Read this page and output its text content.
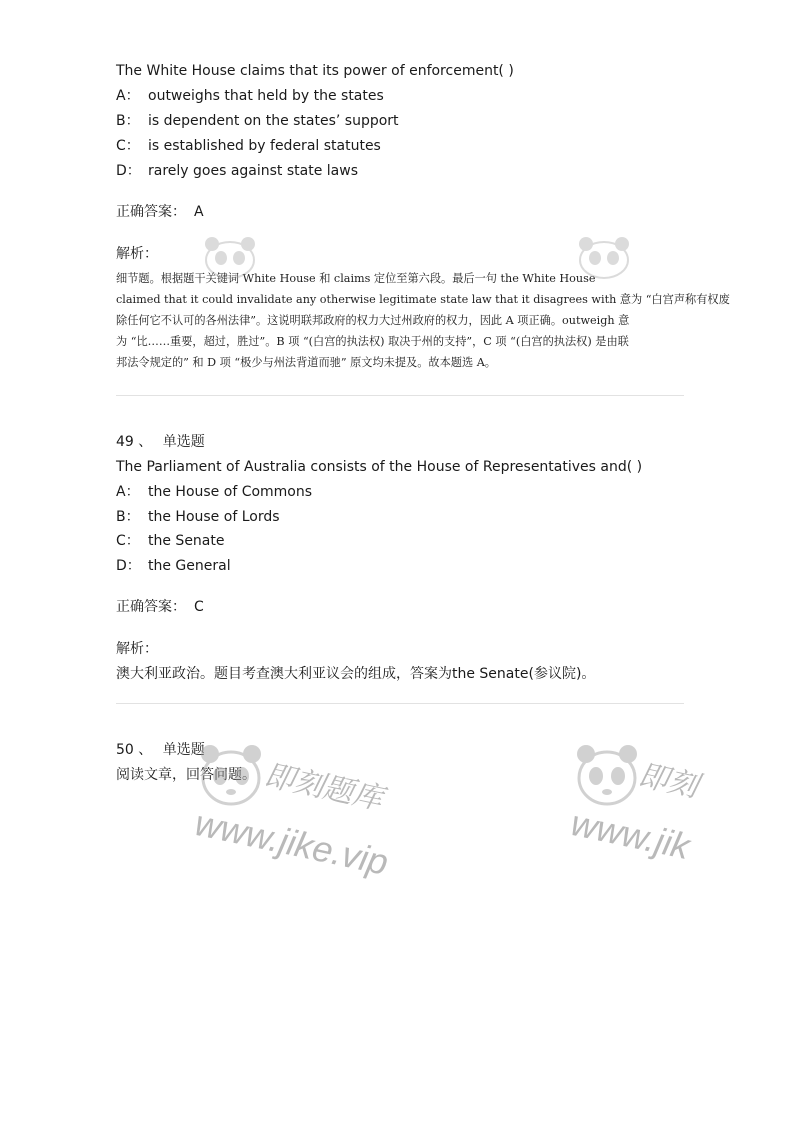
The White House claims that its power of enforcement( )
A： outweighs that held by the states
B： is dependent on the states’ support
C： is established by federal statutes
D： rarely goes against state laws
正确答案： A
解析：
细节题。根据题干关键词 White House 和 claims 定位至第六段。最后一句 the White House
claimed that it could invalidate any otherwise legitimate state law that it disagrees with 意为 “白宫声称有权废
除任何它不认可的各州法律”。这说明联邦政府的权力大过州政府的权力，因此 A 项正确。outweigh 意
为 “比……重要，超过，胜过”。B 项 “(白宫的执法权) 取决于州的支持”，C 项 “(白宫的执法权) 是由联
邦法令规定的” 和 D 项 “极少与州法背道而驰” 原文均未提及。故本题选 A。
49 、 单选题
The Parliament of Australia consists of the House of Representatives and( )
A： the House of Commons
B： the House of Lords
C： the Senate
D： the General
正确答案： C
解析：
澳大利亚政治。题目考查澳大利亚议会的组成，答案为the Senate(参议院)。
50 、 单选题
阅读文章，回答问题。 即刻题库
www.jike.vip
即刻
www.jik
